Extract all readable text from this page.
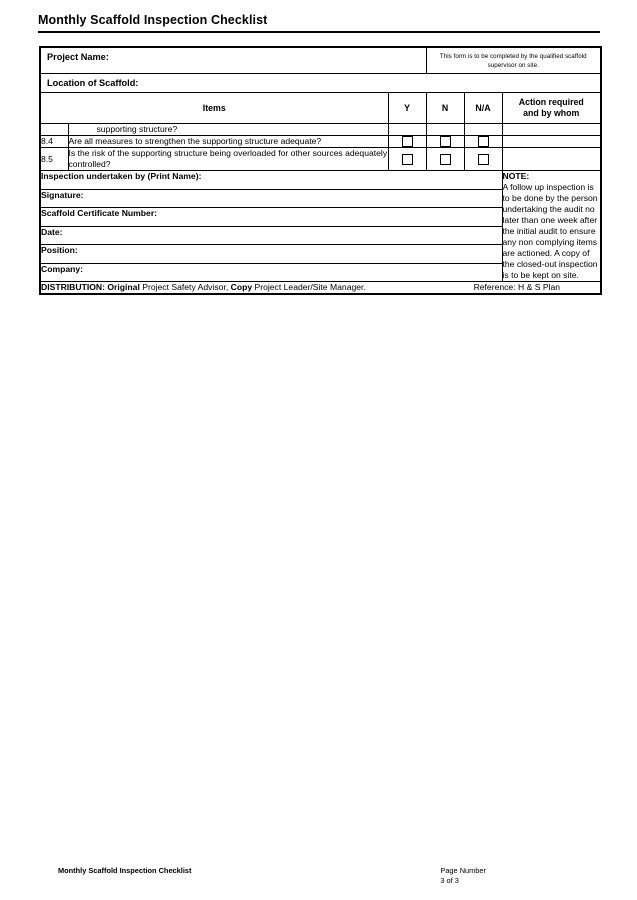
Monthly Scaffold Inspection Checklist
Project Name:			This form is to be completed by the qualified scaffold supervisor on site.		

Location of Scaffold:					

Items		Y	N	N/A	Action required
and by whom
	supporting structure?				
8.4	Are all measures to strengthen the supporting structure adequate?				
8.5	Is the risk of the supporting structure being overloaded for other sources adequately controlled?				
Inspection undertaken by (Print Name):					NOTE:
A follow up inspection is to be done by the person undertaking the audit no later than one week after the initial audit to ensure any non complying items are actioned. A copy of the closed-out inspection is to be kept on site.
Signature:					
Scaffold Certificate Number:					
Date:					
Position:					
Company:					

DISTRIBUTION: Original Project Safety Advisor, Copy Project Leader/Site Manager. Reference: H & S Plan					
Monthly Scaffold Inspection Checklist	Page Number
3 of 3
